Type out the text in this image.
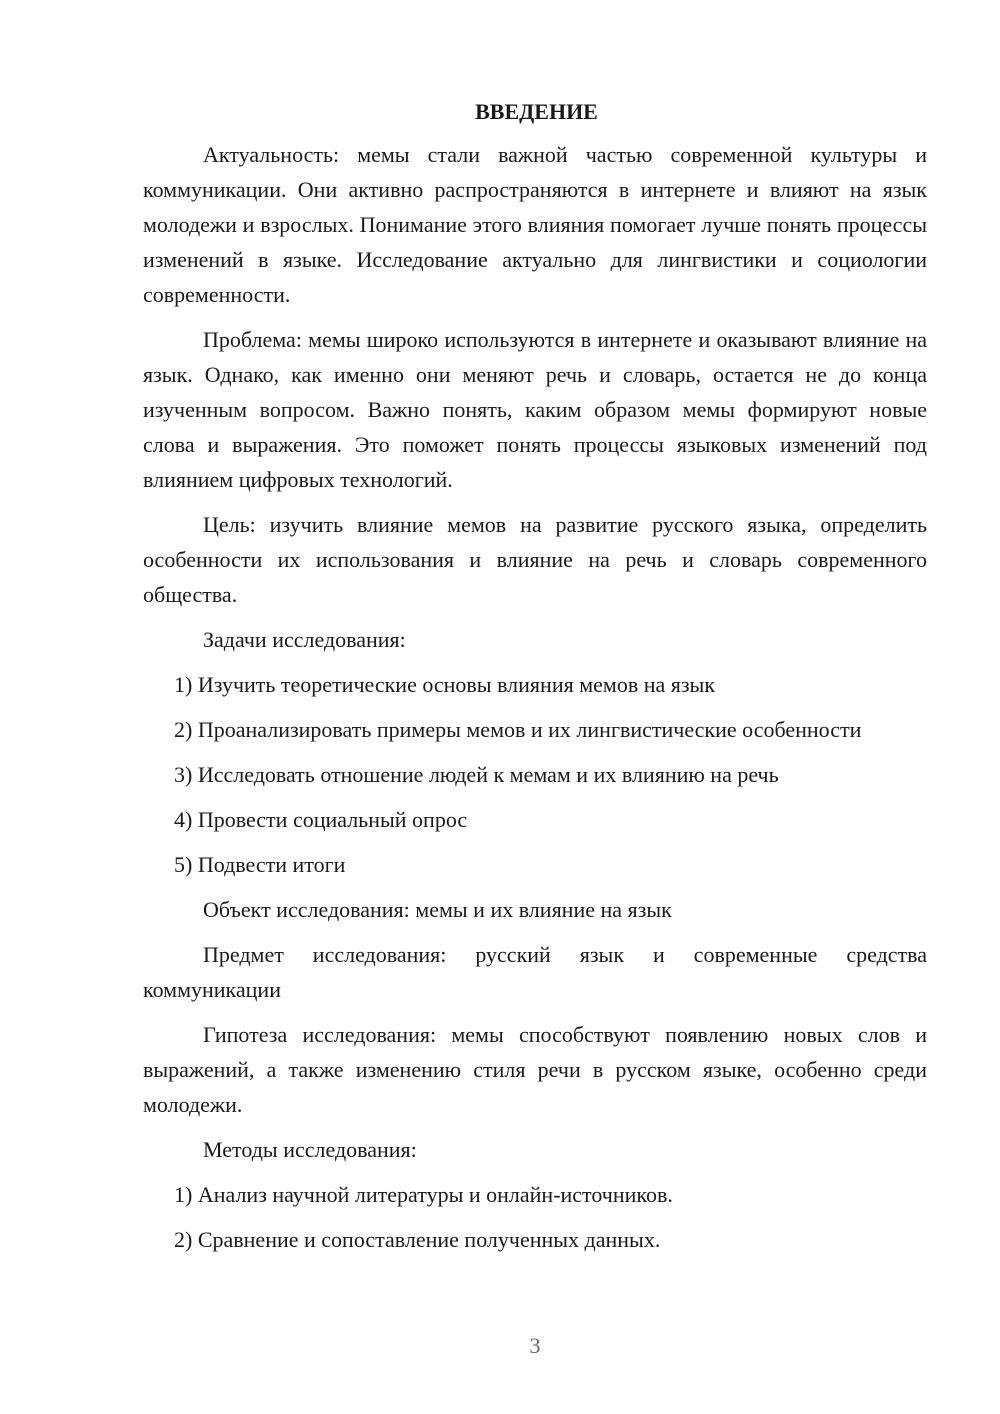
ВВЕДЕНИЕ

Актуальность: мемы стали важной частью современной культуры и коммуникации. Они активно распространяются в интернете и влияют на язык молодежи и взрослых. Понимание этого влияния помогает лучше понять процессы изменений в языке. Исследование актуально для лингвистики и социологии современности.

Проблема: мемы широко используются в интернете и оказывают влияние на язык. Однако, как именно они меняют речь и словарь, остается не до конца изученным вопросом. Важно понять, каким образом мемы формируют новые слова и выражения. Это поможет понять процессы языковых изменений под влиянием цифровых технологий.

Цель: изучить влияние мемов на развитие русского языка, определить особенности их использования и влияние на речь и словарь современного общества.

Задачи исследования:

1) Изучить теоретические основы влияния мемов на язык

2) Проанализировать примеры мемов и их лингвистические особенности

3) Исследовать отношение людей к мемам и их влиянию на речь

4) Провести социальный опрос

5) Подвести итоги

Объект исследования: мемы и их влияние на язык

Предмет исследования: русский язык и современные средства коммуникации

Гипотеза исследования: мемы способствуют появлению новых слов и выражений, а также изменению стиля речи в русском языке, особенно среди молодежи.

Методы исследования:

1) Анализ научной литературы и онлайн-источников.

2) Сравнение и сопоставление полученных данных.

3
